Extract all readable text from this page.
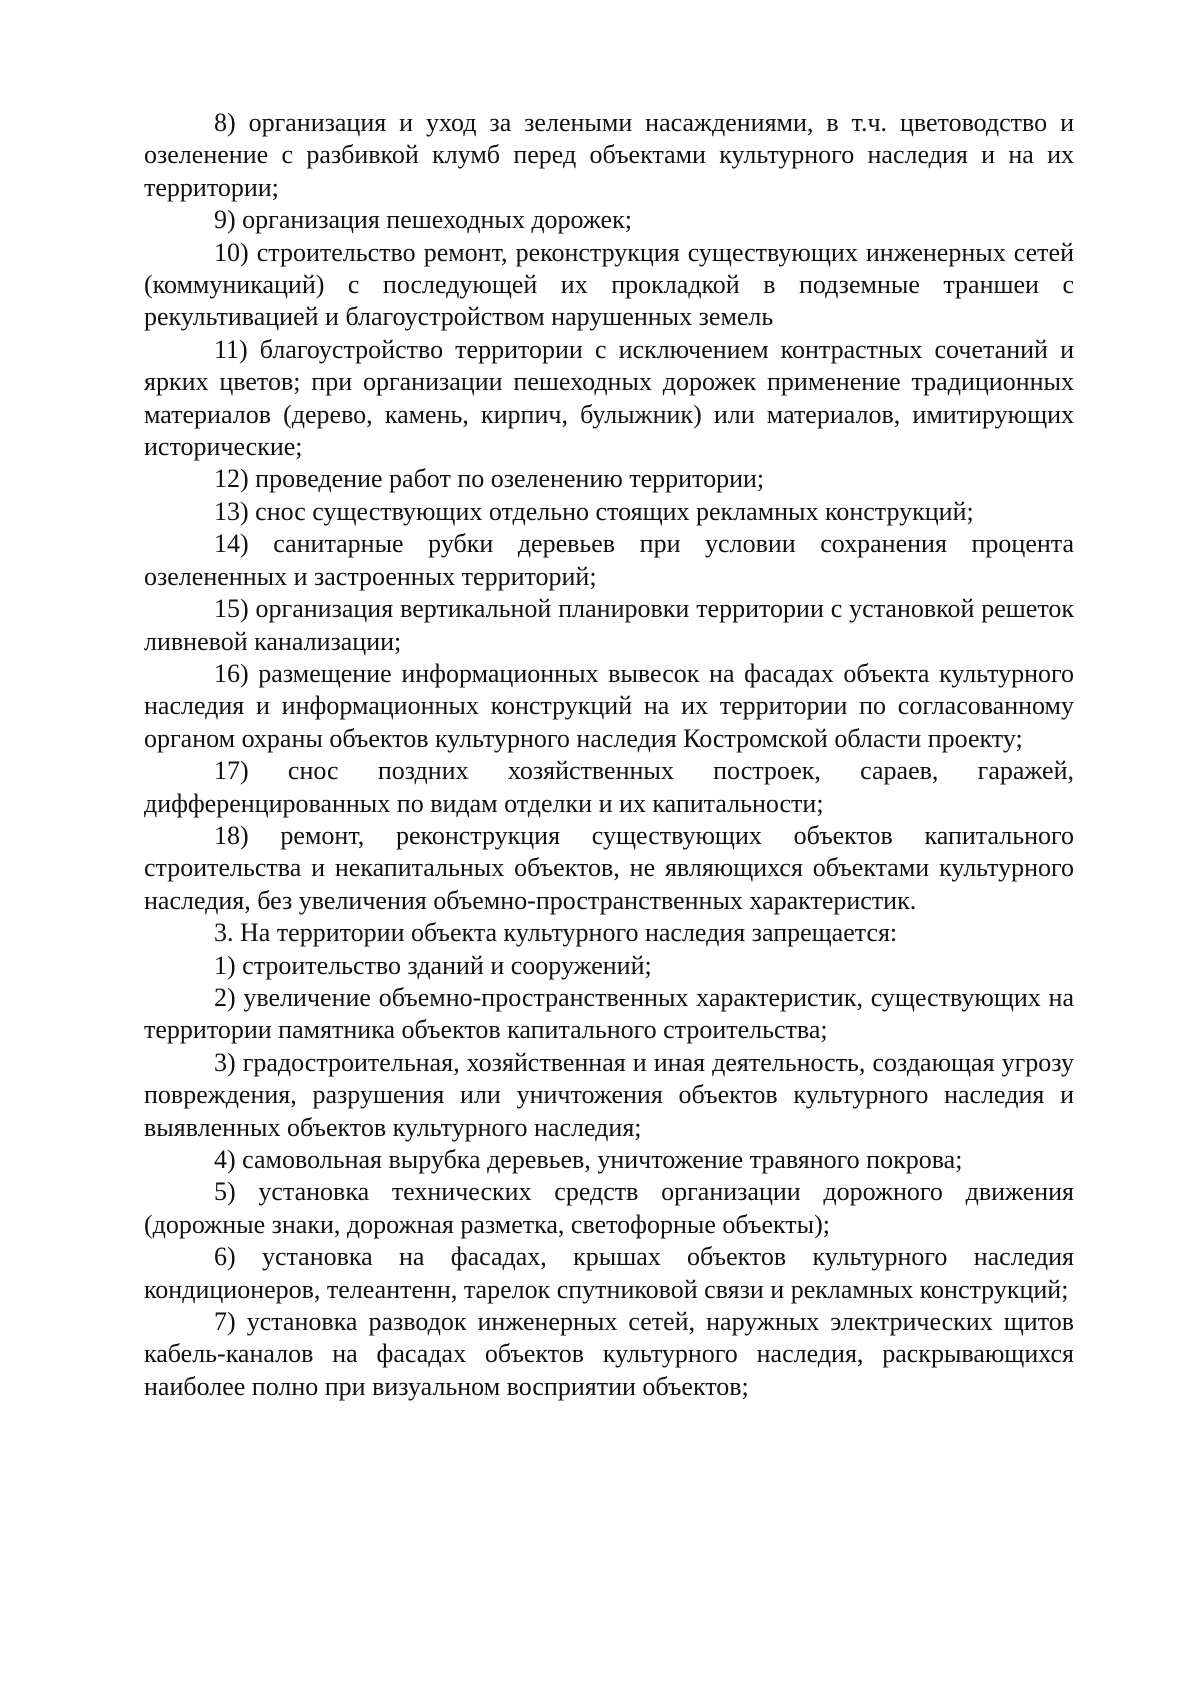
8) организация и уход за зелеными насаждениями, в т.ч. цветоводство и озеленение с разбивкой клумб перед объектами культурного наследия и на их территории;

9) организация пешеходных дорожек;

10) строительство ремонт, реконструкция существующих инженерных сетей (коммуникаций) с последующей их прокладкой в подземные траншеи с рекультивацией и благоустройством нарушенных земель

11) благоустройство территории с исключением контрастных сочетаний и ярких цветов; при организации пешеходных дорожек применение традиционных материалов (дерево, камень, кирпич, булыжник) или материалов, имитирующих исторические;

12) проведение работ по озеленению территории;

13) снос существующих отдельно стоящих рекламных конструкций;

14) санитарные рубки деревьев при условии сохранения процента озелененных и застроенных территорий;

15) организация вертикальной планировки территории с установкой решеток ливневой канализации;

16) размещение информационных вывесок на фасадах объекта культурного наследия и информационных конструкций на их территории по согласованному органом охраны объектов культурного наследия Костромской области проекту;

17) снос поздних хозяйственных построек, сараев, гаражей, дифференцированных по видам отделки и их капитальности;

18) ремонт, реконструкция существующих объектов капитального строительства и некапитальных объектов, не являющихся объектами культурного наследия, без увеличения объемно-пространственных характеристик.

3. На территории объекта культурного наследия запрещается:

1) строительство зданий и сооружений;

2) увеличение объемно-пространственных характеристик, существующих на территории памятника объектов капитального строительства;

3) градостроительная, хозяйственная и иная деятельность, создающая угрозу повреждения, разрушения или уничтожения объектов культурного наследия и выявленных объектов культурного наследия;

4) самовольная вырубка деревьев, уничтожение травяного покрова;

5) установка технических средств организации дорожного движения (дорожные знаки, дорожная разметка, светофорные объекты);

6) установка на фасадах, крышах объектов культурного наследия кондиционеров, телеантенн, тарелок спутниковой связи и рекламных конструкций;

7) установка разводок инженерных сетей, наружных электрических щитов кабель-каналов на фасадах объектов культурного наследия, раскрывающихся наиболее полно при визуальном восприятии объектов;
